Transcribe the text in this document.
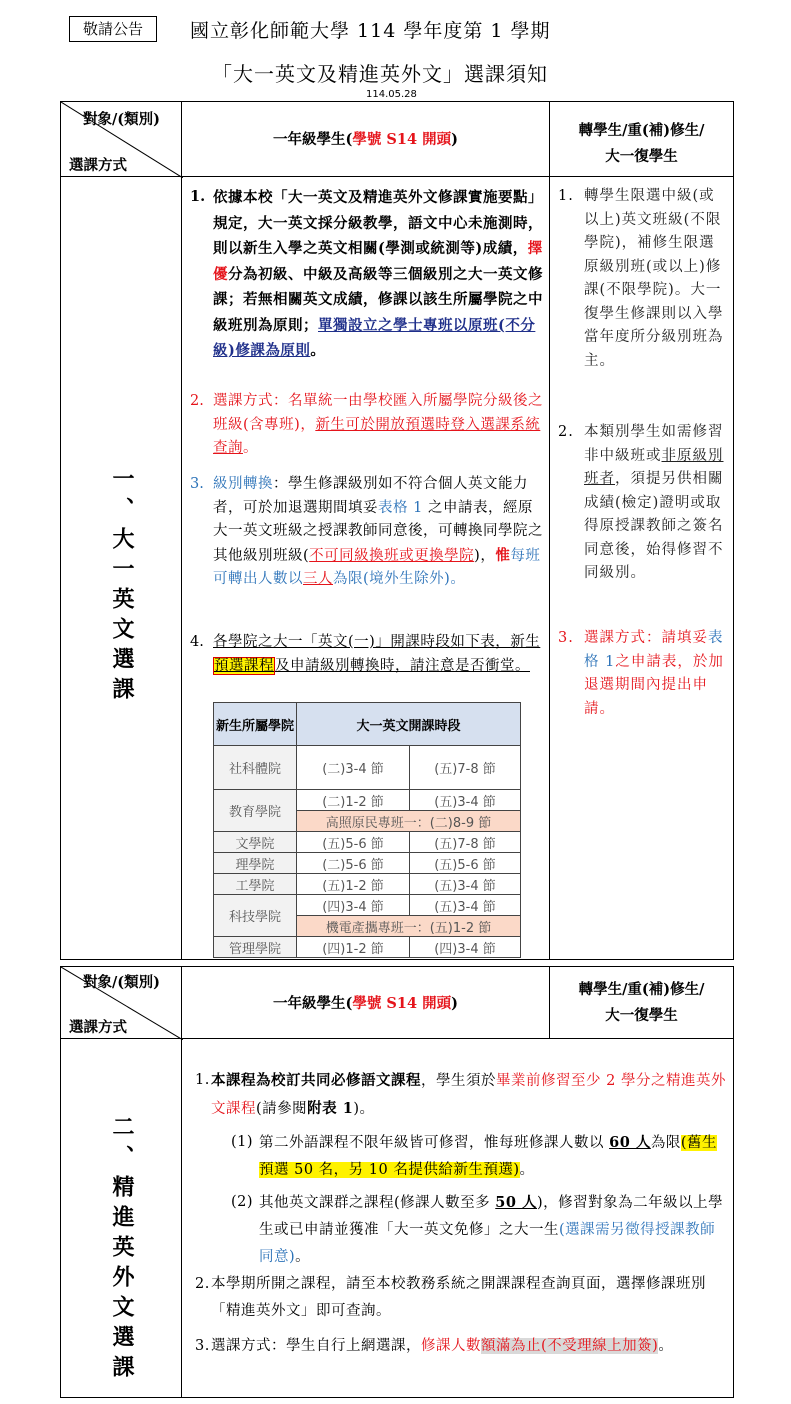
敬請公告	國立彰化師範大學 114 學年度第 1 學期
「大一英文及精進英外文」選課須知
114.05.28
對象/(類別)
選課方式
一年級學生(學號 S14 開頭)
轉學生/重(補)修生/
大一復學生
一、大一英文選課
1. 依據本校「大一英文及精進英外文修課實施要點」規定，大一英文採分級教學，語文中心未施測時，則以新生入學之英文相關(學測或統測等)成績，擇優分為初級、中級及高級等三個級別之大一英文修課；若無相關英文成績，修課以該生所屬學院之中級班別為原則；單獨設立之學士專班以原班(不分級)修課為原則。

2. 選課方式：名單統一由學校匯入所屬學院分級後之班級(含專班)，新生可於開放預選時登入選課系統查詢。

3. 級別轉換：學生修課級別如不符合個人英文能力者，可於加退選期間填妥表格 1 之申請表，經原大一英文班級之授課教師同意後，可轉換同學院之其他級別班級(不可同級換班或更換學院)，惟每班可轉出人數以三人為限(境外生除外)。

4. 各學院之大一「英文(一)」開課時段如下表，新生預選課程及申請級別轉換時，請注意是否衝堂。

新生所屬學院	大一英文開課時段	
社科體院	(二)3-4 節	(五)7-8 節
教育學院	(二)1-2 節	(五)3-4 節
	高照原民專班一：(二)8-9 節	
文學院	(五)5-6 節	(五)7-8 節
理學院	(二)5-6 節	(五)5-6 節
工學院	(五)1-2 節	(五)3-4 節
科技學院	(四)3-4 節	(五)3-4 節
	機電產攜專班一：(五)1-2 節	
管理學院	(四)1-2 節	(四)3-4 節
1. 轉學生限選中級(或以上)英文班級(不限學院)，補修生限選原級別班(或以上)修課(不限學院)。大一復學生修課則以入學當年度所分級別班為主。

2. 本類別學生如需修習非中級班或非原級別班者，須提另供相關成績(檢定)證明或取得原授課教師之簽名同意後，始得修習不同級別。

3. 選課方式：請填妥表格 1之申請表，於加退選期間內提出申請。

對象/(類別)
選課方式
一年級學生(學號 S14 開頭)
轉學生/重(補)修生/
大一復學生
二、精進英外文選課
1. 本課程為校訂共同必修語文課程，學生須於畢業前修習至少 2 學分之精進英外文課程(請參閱附表 1)。

(1) 第二外語課程不限年級皆可修習，惟每班修課人數以 60 人為限(舊生預選 50 名，另 10 名提供給新生預選)。

(2) 其他英文課群之課程(修課人數至多 50 人)，修習對象為二年級以上學生或已申請並獲准「大一英文免修」之大一生(選課需另徵得授課教師同意)。

2. 本學期所開之課程，請至本校教務系統之開課課程查詢頁面，選擇修課班別「精進英外文」即可查詢。

3. 選課方式：學生自行上網選課，修課人數額滿為止(不受理線上加簽)。
